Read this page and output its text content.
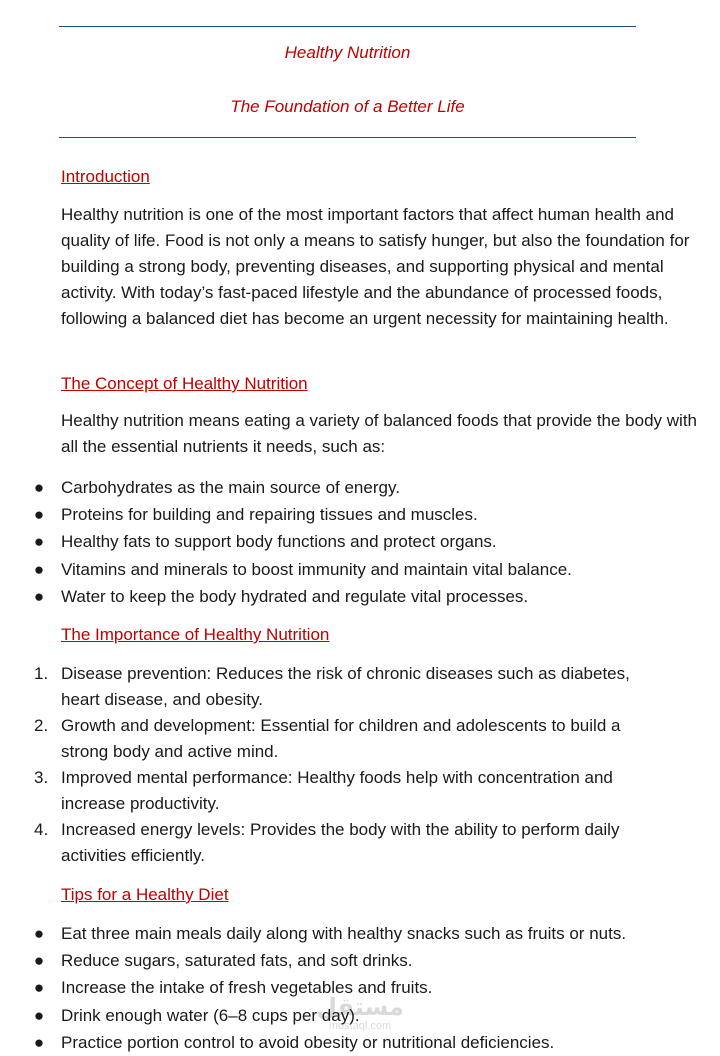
Healthy Nutrition
The Foundation of a Better Life
Introduction

Healthy nutrition is one of the most important factors that affect human health and quality of life. Food is not only a means to satisfy hunger, but also the foundation for building a strong body, preventing diseases, and supporting physical and mental activity. With today’s fast-paced lifestyle and the abundance of processed foods, following a balanced diet has become an urgent necessity for maintaining health.

The Concept of Healthy Nutrition

Healthy nutrition means eating a variety of balanced foods that provide the body with all the essential nutrients it needs, such as:

● Carbohydrates as the main source of energy.
● Proteins for building and repairing tissues and muscles.
● Healthy fats to support body functions and protect organs.
● Vitamins and minerals to boost immunity and maintain vital balance.
● Water to keep the body hydrated and regulate vital processes.
The Importance of Healthy Nutrition
1. Disease prevention: Reduces the risk of chronic diseases such as diabetes, heart disease, and obesity.
2. Growth and development: Essential for children and adolescents to build a strong body and active mind.
3. Improved mental performance: Healthy foods help with concentration and increase productivity.
4. Increased energy levels: Provides the body with the ability to perform daily activities efficiently.
Tips for a Healthy Diet
● Eat three main meals daily along with healthy snacks such as fruits or nuts.
● Reduce sugars, saturated fats, and soft drinks.
● Increase the intake of fresh vegetables and fruits.
● Drink enough water (6–8 cups per day).
● Practice portion control to avoid obesity or nutritional deficiencies.
مستقل
mostaql.com
